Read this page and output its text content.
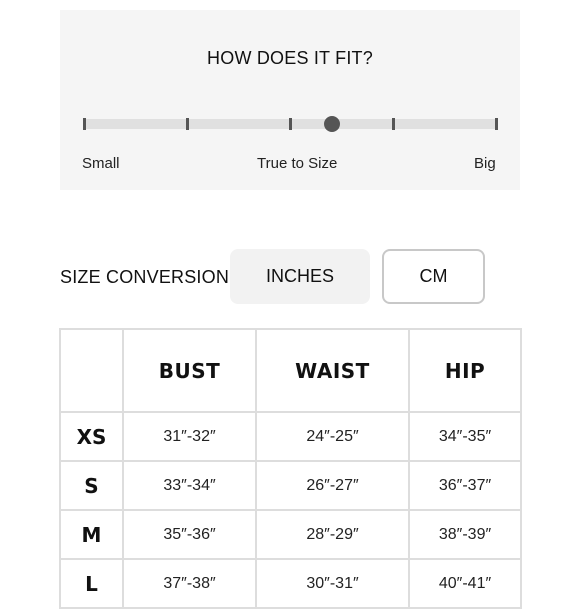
HOW DOES IT FIT?
Small	True to Size	Big
SIZE CONVERSION	INCHES	CM
	BUST	WAIST	HIP
XS	31″-32″	24″-25″	34″-35″
S	33″-34″	26″-27″	36″-37″
M	35″-36″	28″-29″	38″-39″
L	37″-38″	30″-31″	40″-41″
